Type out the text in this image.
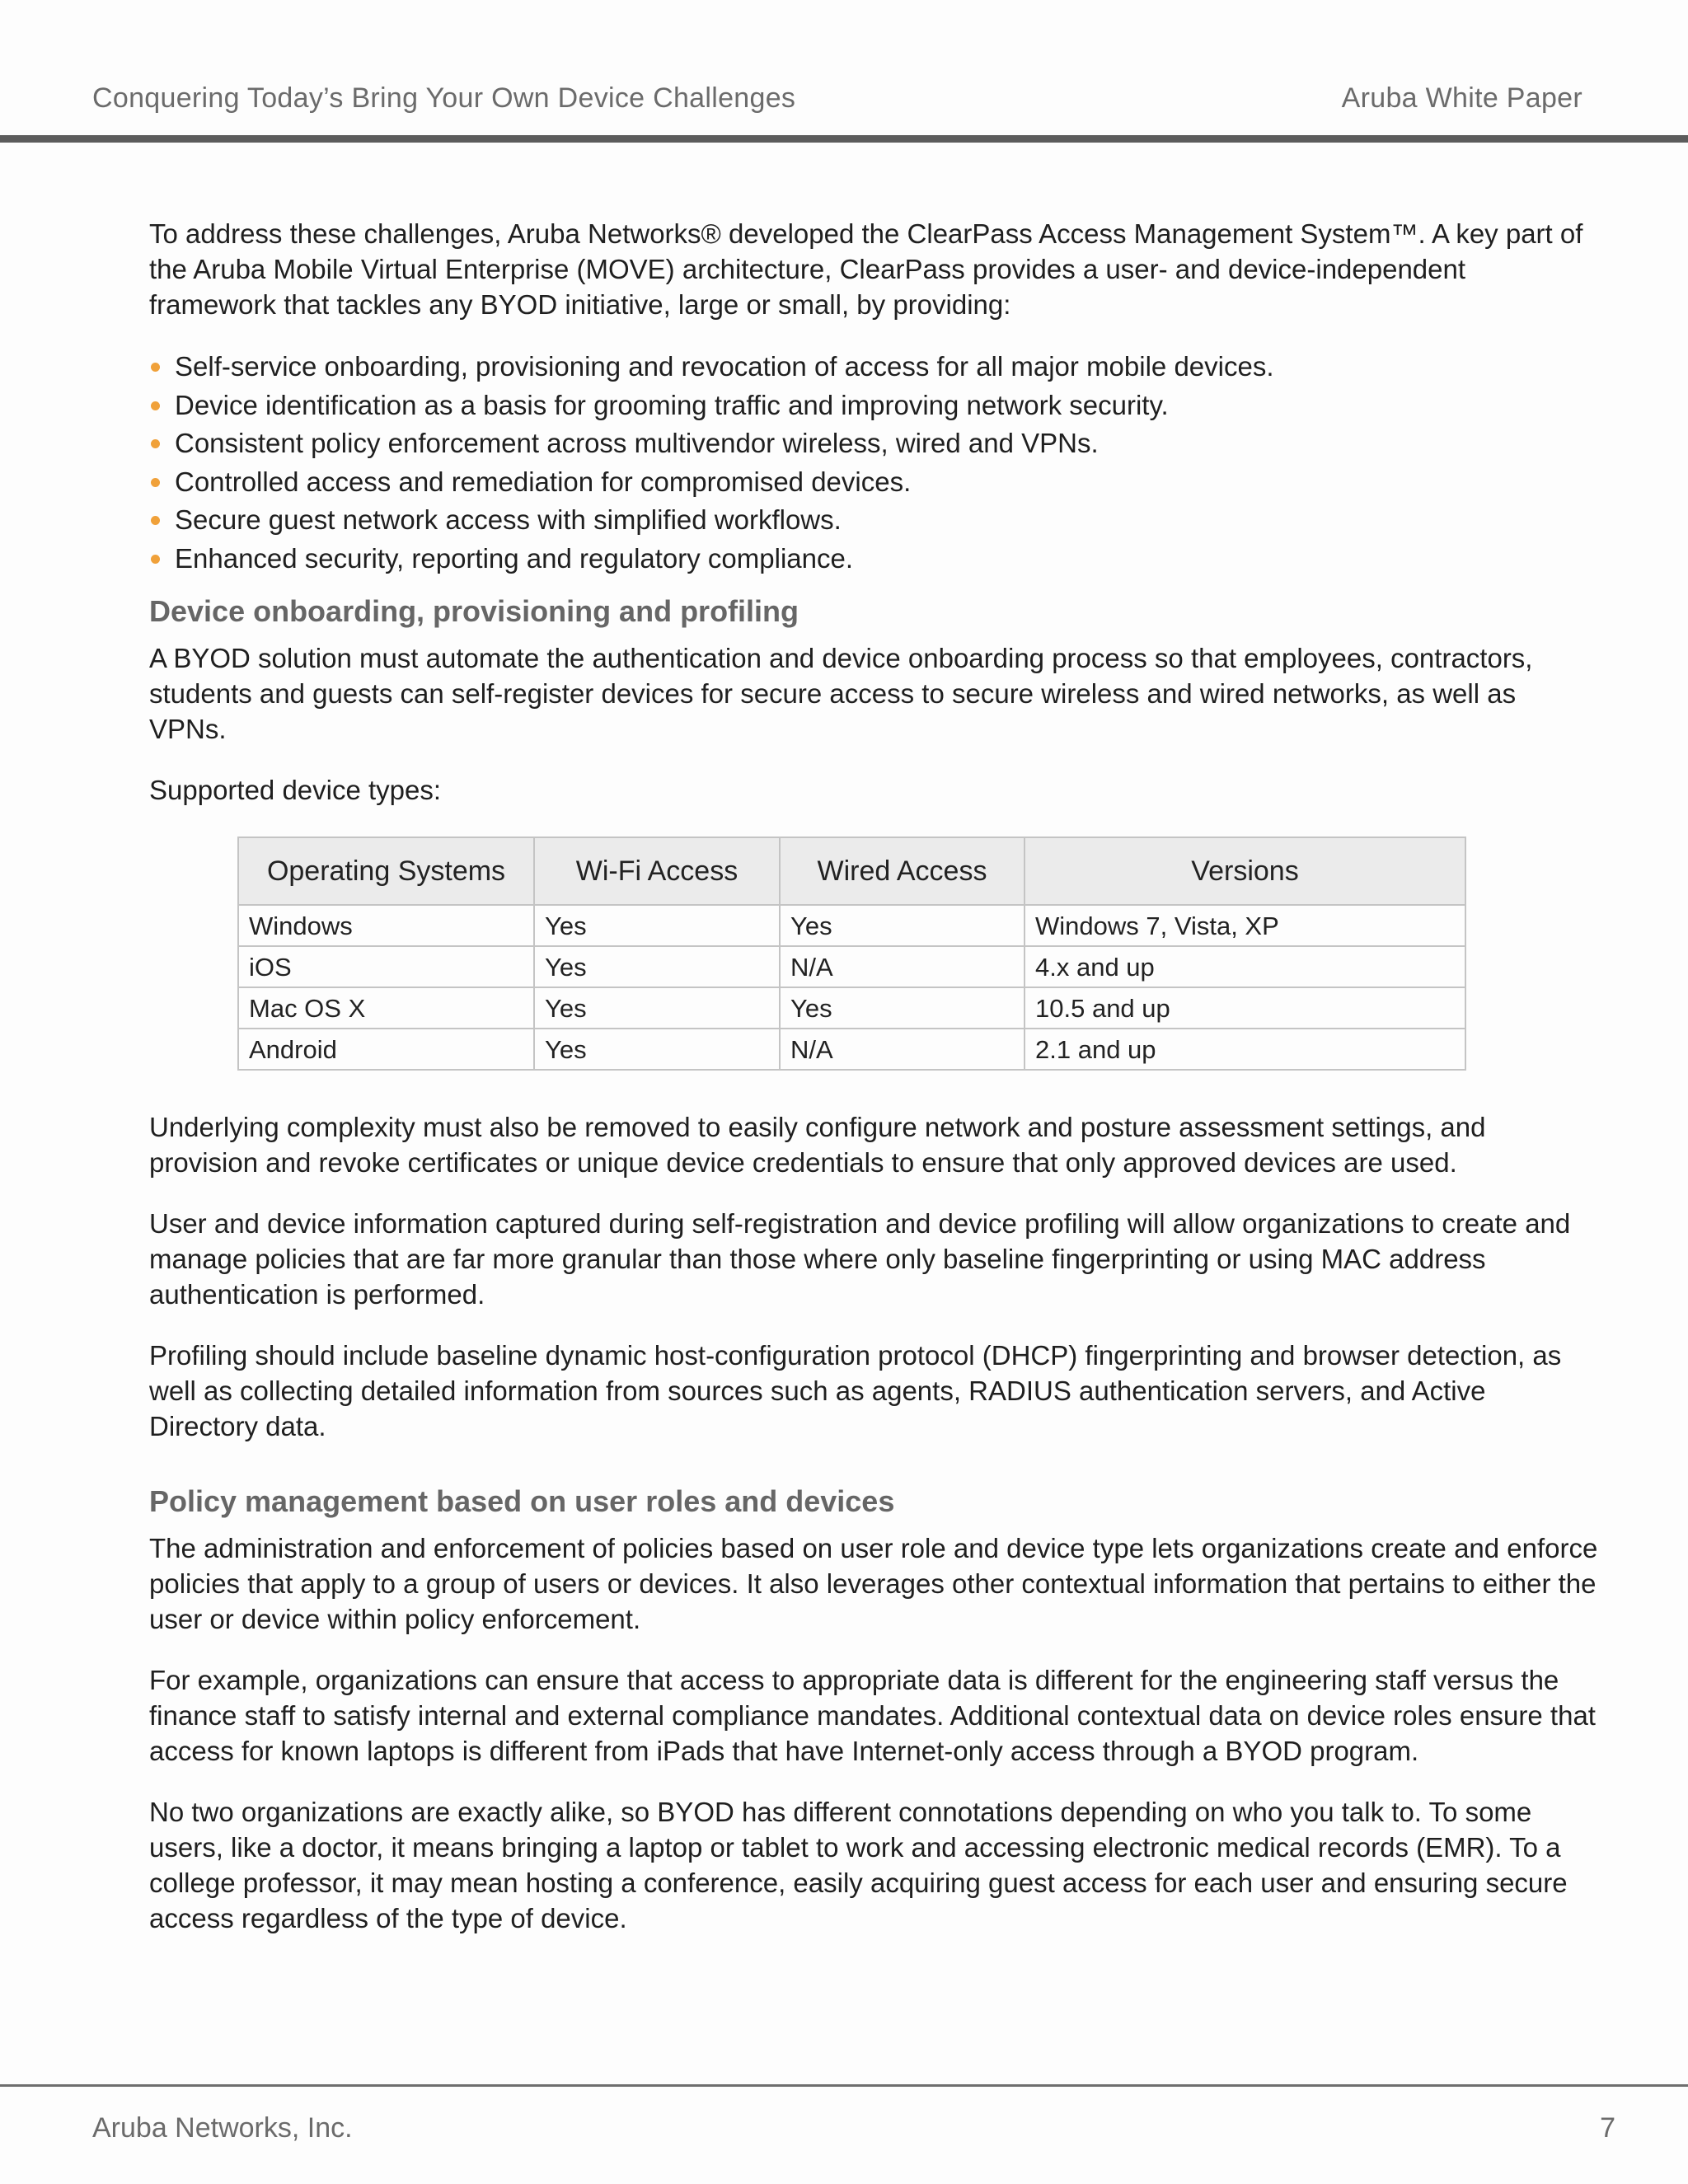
Conquering Today’s Bring Your Own Device Challenges	Aruba White Paper

To address these challenges, Aruba Networks® developed the ClearPass Access Management System™. A key part of the Aruba Mobile Virtual Enterprise (MOVE) architecture, ClearPass provides a user- and device-independent framework that tackles any BYOD initiative, large or small, by providing:

Self-service onboarding, provisioning and revocation of access for all major mobile devices.
Device identification as a basis for grooming traffic and improving network security.
Consistent policy enforcement across multivendor wireless, wired and VPNs.
Controlled access and remediation for compromised devices.
Secure guest network access with simplified workflows.
Enhanced security, reporting and regulatory compliance.
Device onboarding, provisioning and profiling

A BYOD solution must automate the authentication and device onboarding process so that employees, contractors, students and guests can self-register devices for secure access to secure wireless and wired networks, as well as VPNs.

Supported device types:

Operating Systems	Wi-Fi Access	Wired Access	Versions
Windows	Yes	Yes	Windows 7, Vista, XP
iOS	Yes	N/A	4.x and up
Mac OS X	Yes	Yes	10.5 and up
Android	Yes	N/A	2.1 and up

Underlying complexity must also be removed to easily configure network and posture assessment settings, and provision and revoke certificates or unique device credentials to ensure that only approved devices are used.

User and device information captured during self-registration and device profiling will allow organizations to create and manage policies that are far more granular than those where only baseline fingerprinting or using MAC address authentication is performed.

Profiling should include baseline dynamic host-configuration protocol (DHCP) fingerprinting and browser detection, as well as collecting detailed information from sources such as agents, RADIUS authentication servers, and Active Directory data.

Policy management based on user roles and devices

The administration and enforcement of policies based on user role and device type lets organizations create and enforce policies that apply to a group of users or devices. It also leverages other contextual information that pertains to either the user or device within policy enforcement.

For example, organizations can ensure that access to appropriate data is different for the engineering staff versus the finance staff to satisfy internal and external compliance mandates. Additional contextual data on device roles ensure that access for known laptops is different from iPads that have Internet-only access through a BYOD program.

No two organizations are exactly alike, so BYOD has different connotations depending on who you talk to. To some users, like a doctor, it means bringing a laptop or tablet to work and accessing electronic medical records (EMR). To a college professor, it may mean hosting a conference, easily acquiring guest access for each user and ensuring secure access regardless of the type of device.

Aruba Networks, Inc.	7
